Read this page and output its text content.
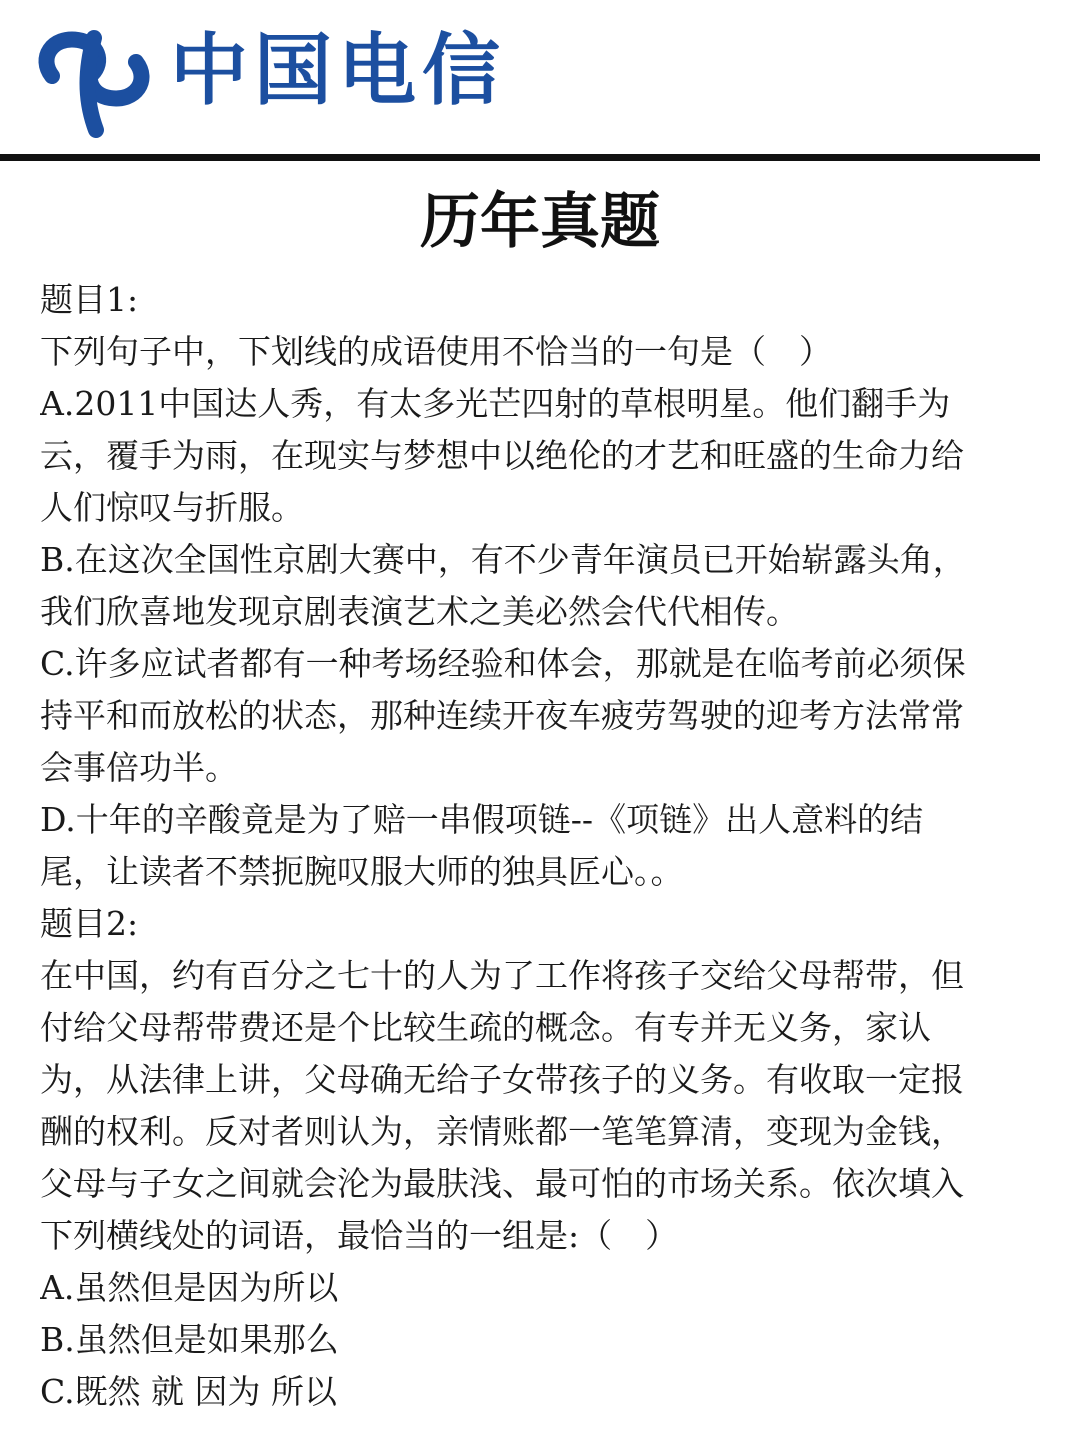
中国电信
历年真题
题目1:
下列句子中，下划线的成语使用不恰当的一句是（　）
A.2011中国达人秀，有太多光芒四射的草根明星。他们翻手为
云，覆手为雨，在现实与梦想中以绝伦的才艺和旺盛的生命力给
人们惊叹与折服。
B.在这次全国性京剧大赛中，有不少青年演员已开始崭露头角，
我们欣喜地发现京剧表演艺术之美必然会代代相传。
C.许多应试者都有一种考场经验和体会，那就是在临考前必须保
持平和而放松的状态，那种连续开夜车疲劳驾驶的迎考方法常常
会事倍功半。
D.十年的辛酸竟是为了赔一串假项链--《项链》出人意料的结
尾，让读者不禁扼腕叹服大师的独具匠心。。
题目2:
在中国，约有百分之七十的人为了工作将孩子交给父母帮带，但
付给父母帮带费还是个比较生疏的概念。有专并无义务，家认
为，从法律上讲，父母确无给子女带孩子的义务。有收取一定报
酬的权利。反对者则认为，亲情账都一笔笔算清，变现为金钱，
父母与子女之间就会沦为最肤浅、最可怕的市场关系。依次填入
下列横线处的词语，最恰当的一组是:（　）
A.虽然但是因为所以
B.虽然但是如果那么
C.既然 就 因为 所以
